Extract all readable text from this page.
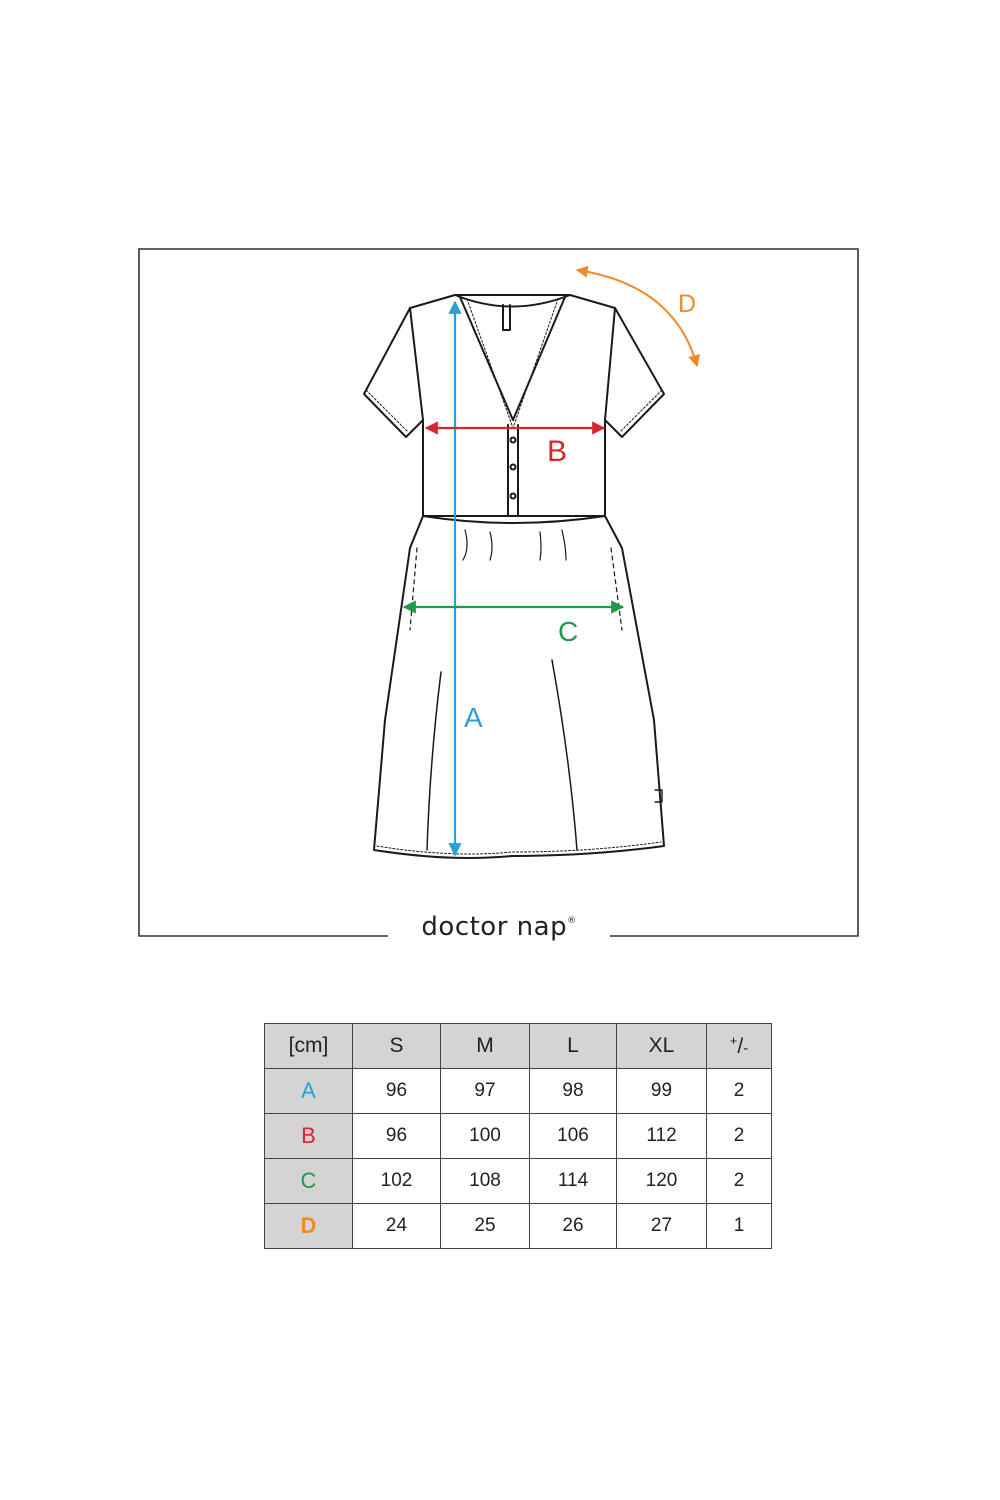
A
B
C
D
doctor nap®
[cm]	S	M	L	XL	+/-
A	96	97	98	99	2
B	96	100	106	112	2
C	102	108	114	120	2
D	24	25	26	27	1
